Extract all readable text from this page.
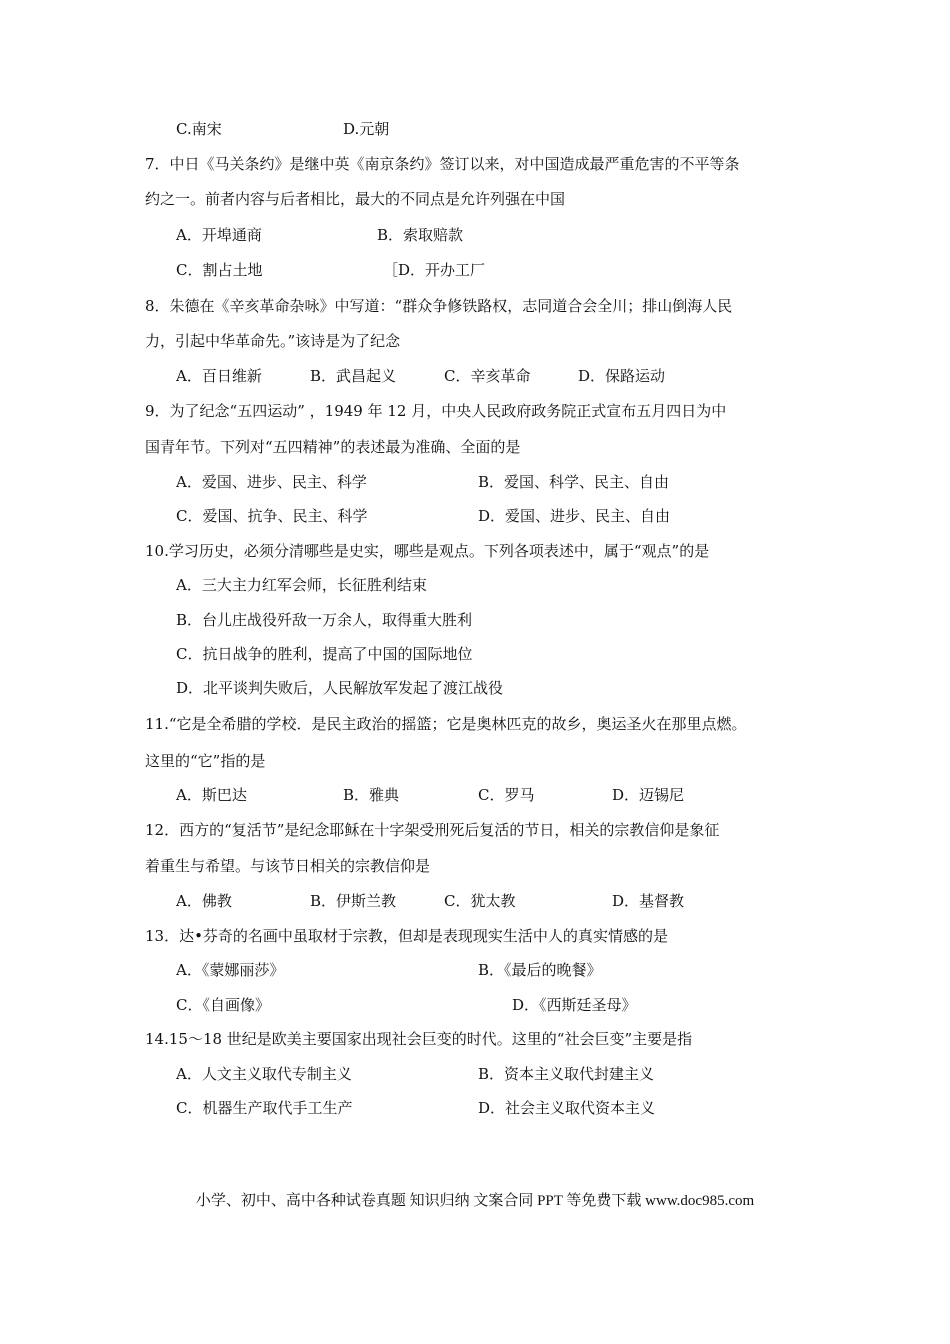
C.南宋	D.元朝
7．中日《马关条约》是继中英《南京条约》签订以来，对中国造成最严重危害的不平等条
约之一。前者内容与后者相比，最大的不同点是允许列强在中国
A．开埠通商	B．索取赔款
C．割占土地	［D．开办工厂
8．朱德在《辛亥革命杂咏》中写道：“群众争修铁路权，志同道合会全川；排山倒海人民
力，引起中华革命先。”该诗是为了纪念
A．百日维新	B．武昌起义	C．辛亥革命	D．保路运动
9．为了纪念“五四运动” ，1949 年 12 月，中央人民政府政务院正式宣布五月四日为中
国青年节。下列对“五四精神”的表述最为准确、全面的是
A．爱国、进步、民主、科学	B．爱国、科学、民主、自由
C．爱国、抗争、民主、科学	D．爱国、进步、民主、自由
10.学习历史，必须分清哪些是史实，哪些是观点。下列各项表述中，属于“观点”的是
A．三大主力红军会师，长征胜利结束
B．台儿庄战役歼敌一万余人，取得重大胜利
C．抗日战争的胜利，提高了中国的国际地位
D．北平谈判失败后，人民解放军发起了渡江战役
11.“它是全希腊的学校．是民主政治的摇篮；它是奥林匹克的故乡，奥运圣火在那里点燃。
这里的“它”指的是
A．斯巴达	B．雅典	C．罗马	D．迈锡尼
12．西方的“复活节”是纪念耶稣在十字架受刑死后复活的节日，相关的宗教信仰是象征
着重生与希望。与该节日相关的宗教信仰是
A．佛教	B．伊斯兰教	C．犹太教	D．基督教
13．达•芬奇的名画中虽取材于宗教，但却是表现现实生活中人的真实情感的是
A．《蒙娜丽莎》	B．《最后的晚餐》
C．《自画像》	D．《西斯廷圣母》
14.15～18 世纪是欧美主要国家出现社会巨变的时代。这里的“社会巨变”主要是指
A．人文主义取代专制主义	B．资本主义取代封建主义
C．机器生产取代手工生产	D．社会主义取代资本主义
小学、初中、高中各种试卷真题 知识归纳 文案合同 PPT 等免费下载 www.doc985.com
